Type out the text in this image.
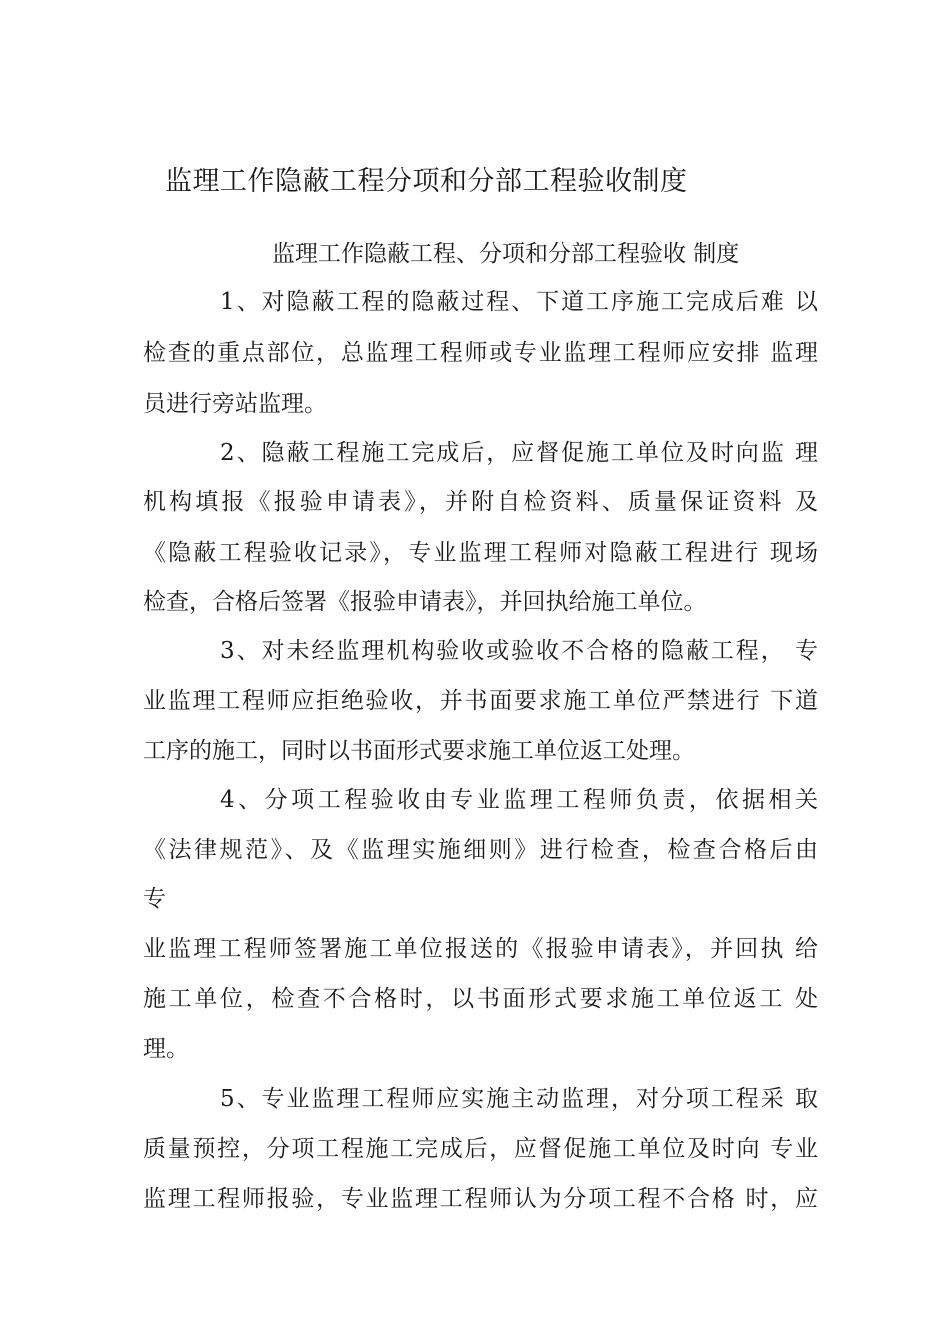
监理工作隐蔽工程分项和分部工程验收制度
监理工作隐蔽工程、分项和分部工程验收 制度
1、对隐蔽工程的隐蔽过程、下道工序施工完成后难 以
检查的重点部位，总监理工程师或专业监理工程师应安排 监理
员进行旁站监理。
2、隐蔽工程施工完成后，应督促施工单位及时向监 理
机构填报《报验申请表》，并附自检资料、质量保证资料 及
《隐蔽工程验收记录》，专业监理工程师对隐蔽工程进行 现场
检查，合格后签署《报验申请表》，并回执给施工单位。
3、对未经监理机构验收或验收不合格的隐蔽工程， 专
业监理工程师应拒绝验收，并书面要求施工单位严禁进行 下道
工序的施工，同时以书面形式要求施工单位返工处理。
4、分项工程验收由专业监理工程师负责，依据相关
《法律规范》、及《监理实施细则》进行检查，检查合格后由
专
业监理工程师签署施工单位报送的《报验申请表》，并回执 给
施工单位，检查不合格时，以书面形式要求施工单位返工 处
理。
5、专业监理工程师应实施主动监理，对分项工程采 取
质量预控，分项工程施工完成后，应督促施工单位及时向 专业
监理工程师报验，专业监理工程师认为分项工程不合格 时，应
